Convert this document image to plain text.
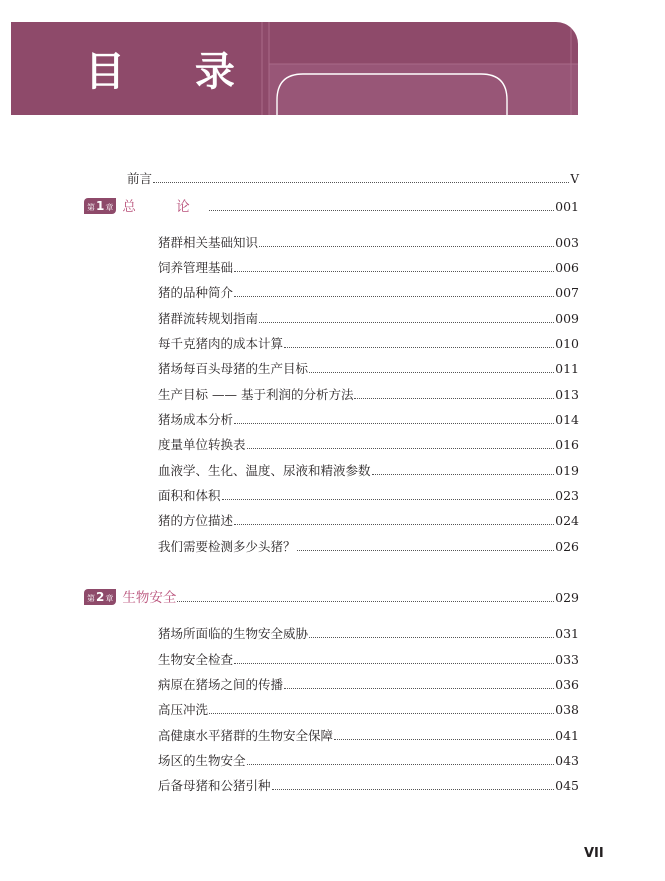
目 录
前言	V
第1章 总 论	001
猪群相关基础知识	003
饲养管理基础	006
猪的品种简介	007
猪群流转规划指南	009
每千克猪肉的成本计算	010
猪场每百头母猪的生产目标	011
生产目标 —— 基于利润的分析方法	013
猪场成本分析	014
度量单位转换表	016
血液学、生化、温度、尿液和精液参数	019
面积和体积	023
猪的方位描述	024
我们需要检测多少头猪？	026
第2章 生物安全	029
猪场所面临的生物安全威胁	031
生物安全检查	033
病原在猪场之间的传播	036
高压冲洗	038
高健康水平猪群的生物安全保障	041
场区的生物安全	043
后备母猪和公猪引种	045
VII
